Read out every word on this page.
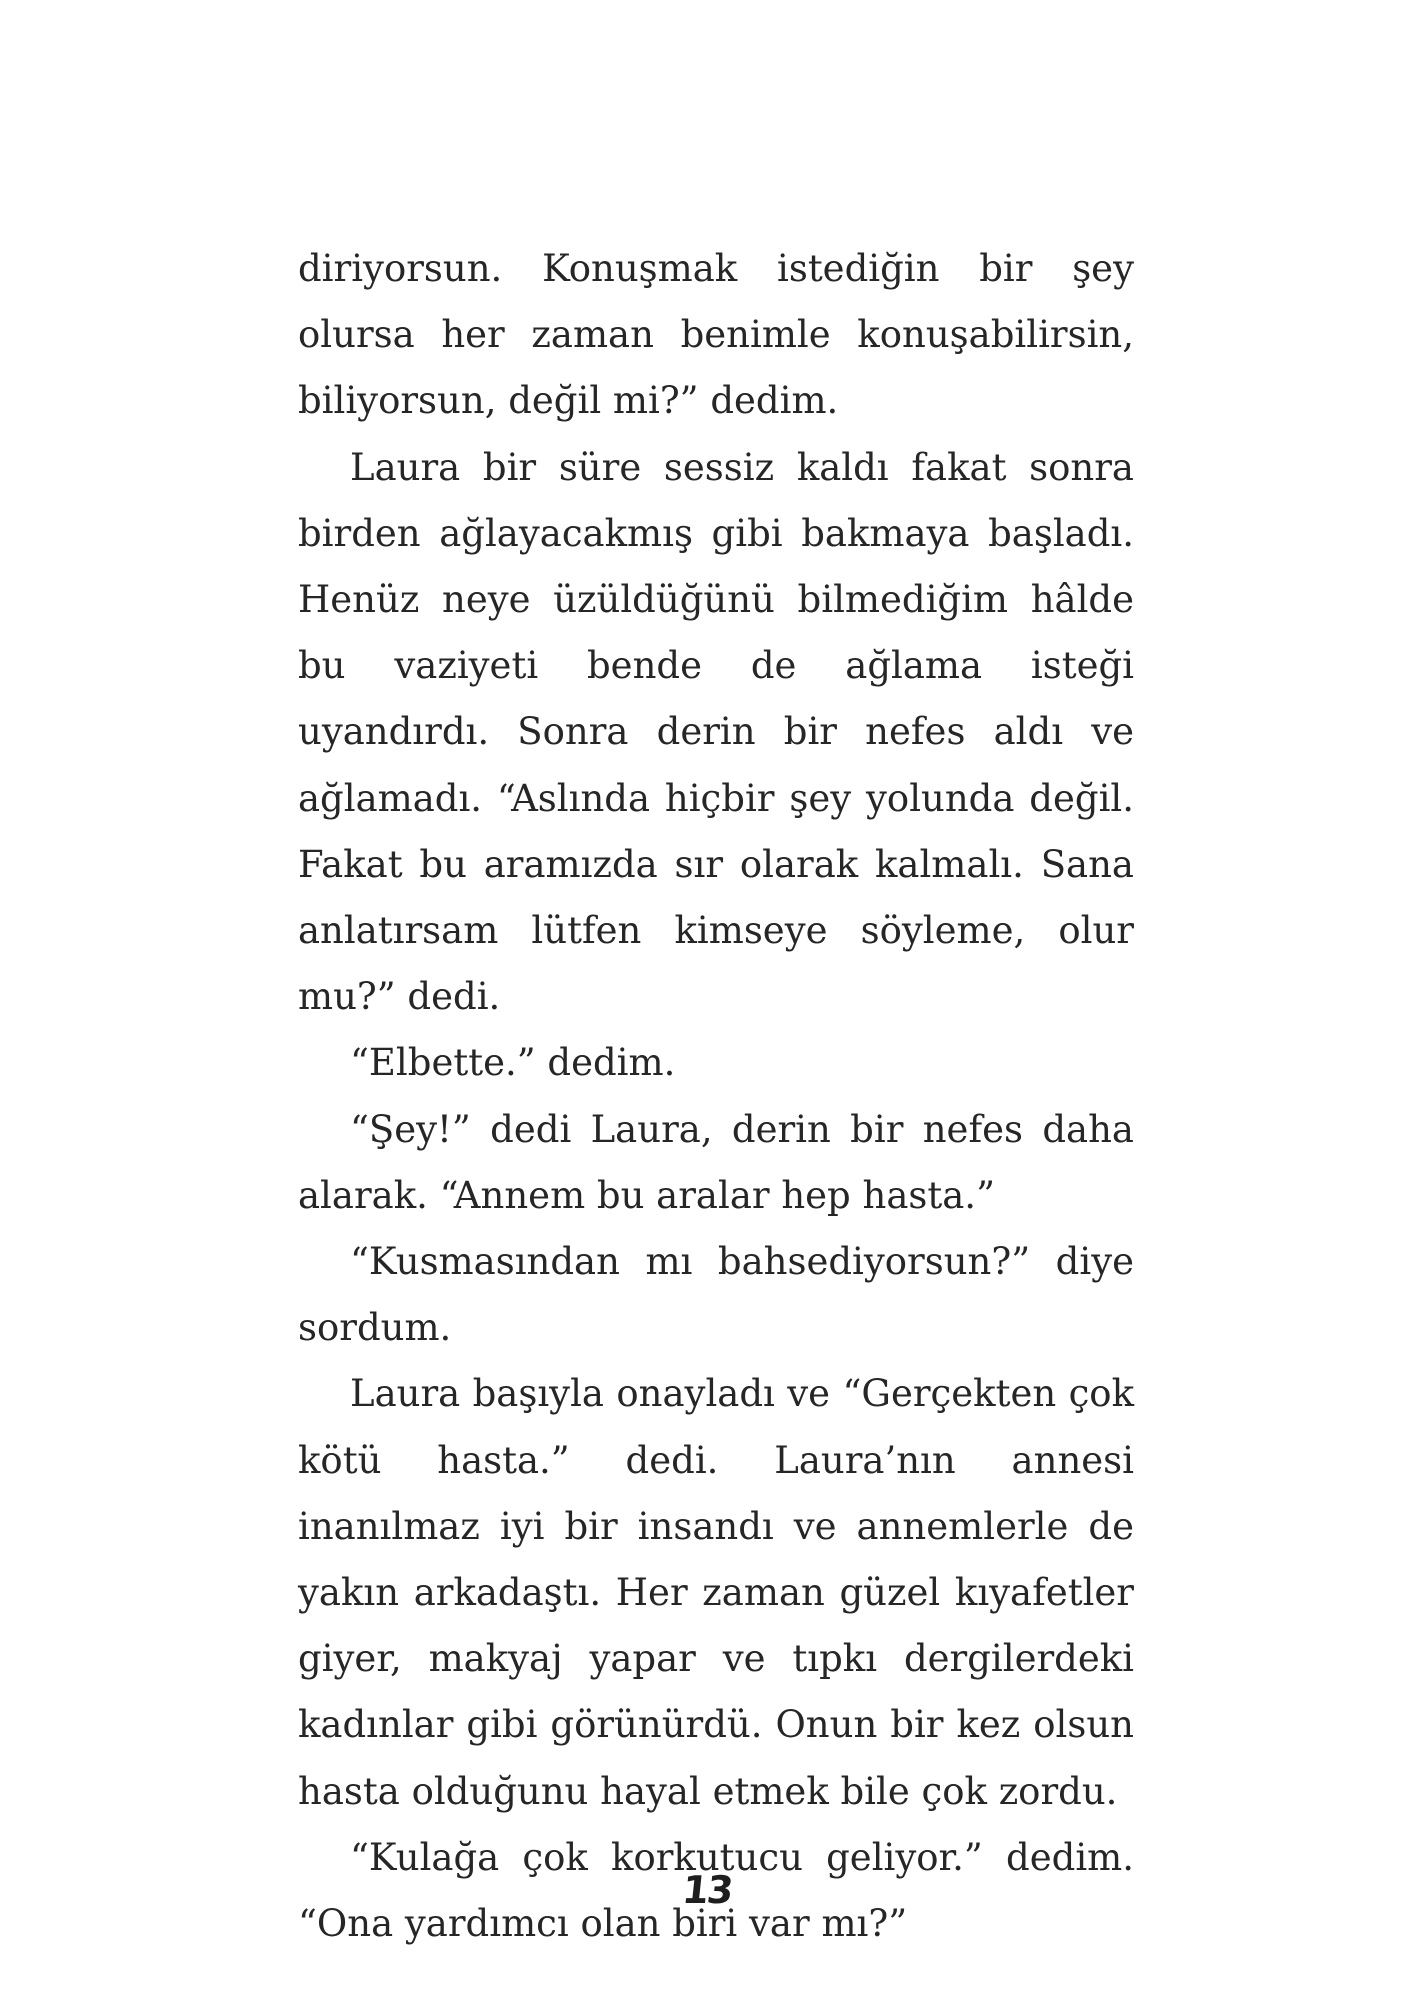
diriyorsun. Konuşmak istediğin bir şey olursa her zaman benimle konuşabilirsin, biliyorsun, değil mi?” dedim.

Laura bir süre sessiz kaldı fakat sonra birden ağlayacakmış gibi bakmaya başladı. Henüz neye üzüldüğünü bilmediğim hâlde bu vaziyeti bende de ağlama isteği uyandırdı. Sonra derin bir nefes aldı ve ağlamadı. “Aslında hiçbir şey yolunda değil. Fakat bu aramızda sır olarak kalmalı. Sana anlatırsam lütfen kimseye söyleme, olur mu?” dedi.

“Elbette.” dedim.

“Şey!” dedi Laura, derin bir nefes daha alarak. “Annem bu aralar hep hasta.”

“Kusmasından mı bahsediyorsun?” diye sordum.

Laura başıyla onayladı ve “Gerçekten çok kötü hasta.” dedi. Laura’nın annesi inanılmaz iyi bir insandı ve annemlerle de yakın arkadaştı. Her zaman güzel kıyafetler giyer, makyaj yapar ve tıpkı dergilerdeki kadınlar gibi görünürdü. Onun bir kez olsun hasta olduğunu hayal etmek bile çok zordu.

“Kulağa çok korkutucu geliyor.” dedim. “Ona yardımcı olan biri var mı?”

13
